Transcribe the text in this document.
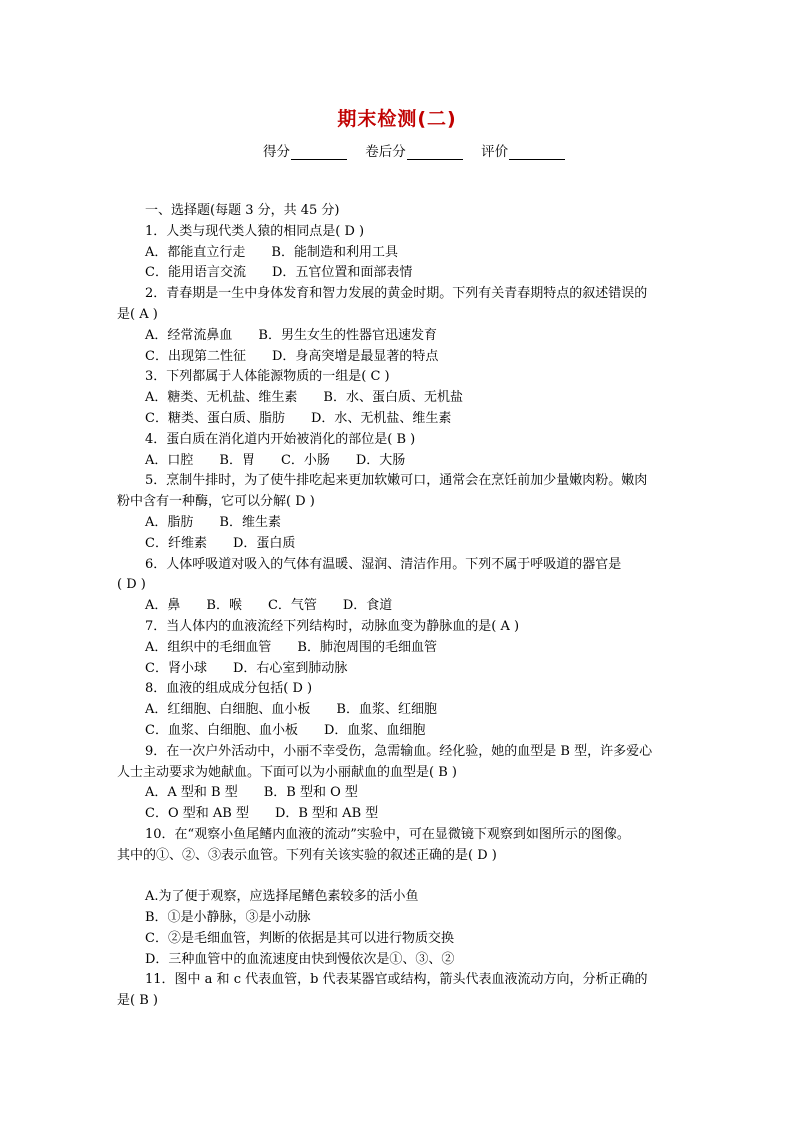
期末检测(二)
得分	卷后分	评价

一、选择题(每题 3 分，共 45 分)

1．人类与现代类人猿的相同点是( D )

A．都能直立行走　　B．能制造和利用工具

C．能用语言交流　　D．五官位置和面部表情

2．青春期是一生中身体发育和智力发展的黄金时期。下列有关青春期特点的叙述错误的

是( A )

A．经常流鼻血　　B．男生女生的性器官迅速发育

C．出现第二性征　　D．身高突增是最显著的特点

3．下列都属于人体能源物质的一组是( C )

A．糖类、无机盐、维生素　　B．水、蛋白质、无机盐

C．糖类、蛋白质、脂肪　　D．水、无机盐、维生素

4．蛋白质在消化道内开始被消化的部位是( B )

A．口腔　　B．胃　　C．小肠　　D．大肠

5．烹制牛排时，为了使牛排吃起来更加软嫩可口，通常会在烹饪前加少量嫩肉粉。嫩肉

粉中含有一种酶，它可以分解( D )

A．脂肪　　B．维生素

C．纤维素　　D．蛋白质

6．人体呼吸道对吸入的气体有温暖、湿润、清洁作用。下列不属于呼吸道的器官是

( D )

A．鼻　　B．喉　　C．气管　　D．食道

7．当人体内的血液流经下列结构时，动脉血变为静脉血的是( A )

A．组织中的毛细血管　　B．肺泡周围的毛细血管

C．肾小球　　D．右心室到肺动脉

8．血液的组成成分包括( D )

A．红细胞、白细胞、血小板　　B．血浆、红细胞

C．血浆、白细胞、血小板　　D．血浆、血细胞

9．在一次户外活动中，小丽不幸受伤，急需输血。经化验，她的血型是 B 型，许多爱心

人士主动要求为她献血。下面可以为小丽献血的血型是( B )

A．A 型和 B 型　　B．B 型和 O 型

C．O 型和 AB 型　　D．B 型和 AB 型

10．在“观察小鱼尾鳍内血液的流动”实验中，可在显微镜下观察到如图所示的图像。

其中的①、②、③表示血管。下列有关该实验的叙述正确的是( D )

A.为了便于观察，应选择尾鳍色素较多的活小鱼

B．①是小静脉，③是小动脉

C．②是毛细血管，判断的依据是其可以进行物质交换

D．三种血管中的血流速度由快到慢依次是①、③、②

11．图中 a 和 c 代表血管，b 代表某器官或结构，箭头代表血液流动方向，分析正确的

是( B )
